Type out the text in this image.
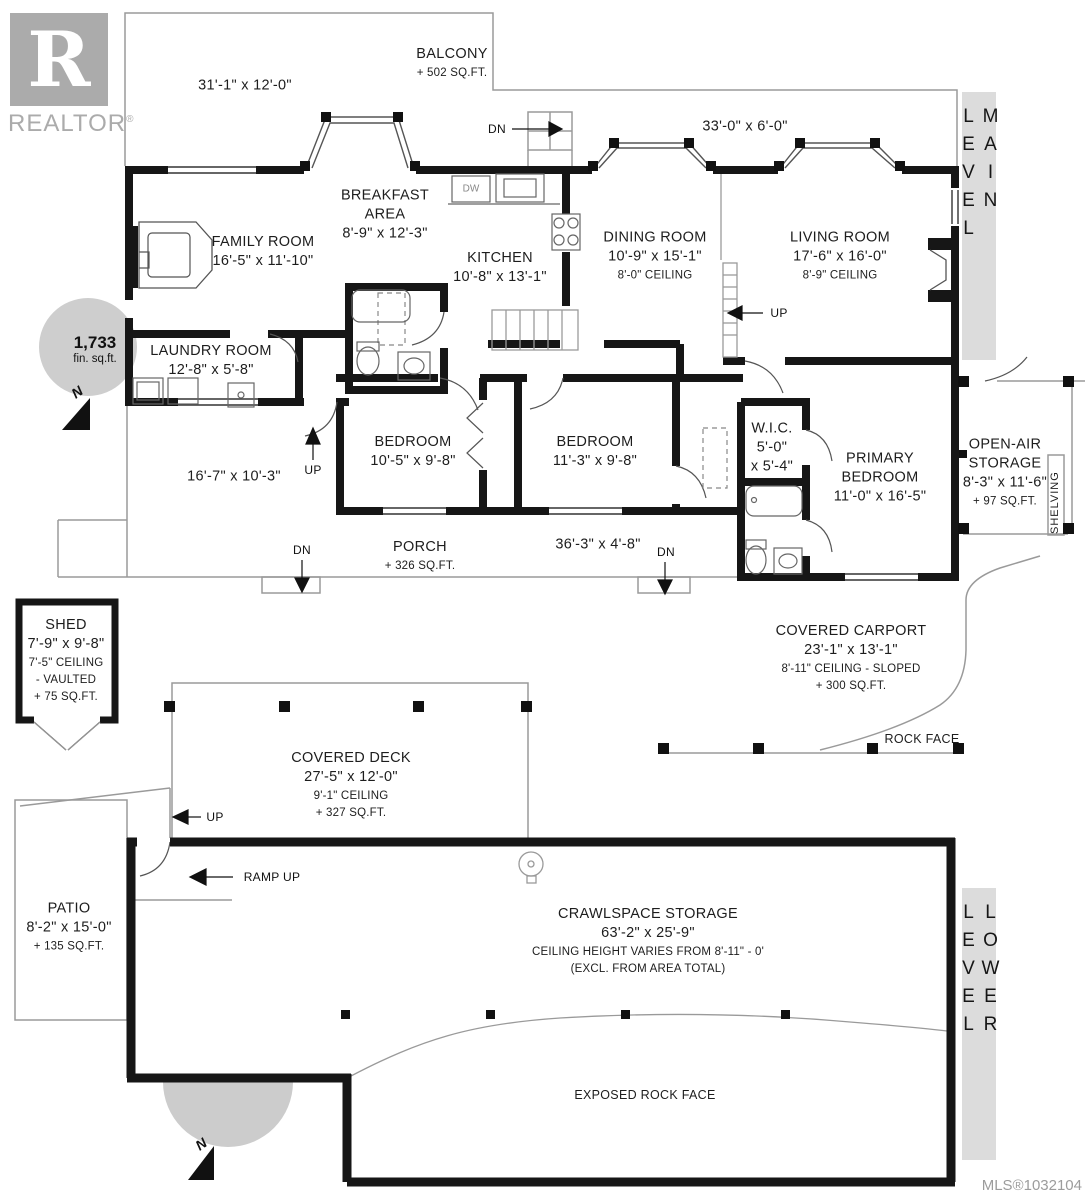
R
REALTOR®	MAIN LEVEL
LOWER LEVEL
1,733
fin. sq.ft.
N
N
BALCONY
+ 502 SQ.FT.
31'-1" x 12'-0"
33'-0" x 6'-0"
FAMILY ROOM
16'-5" x 11'-10"
BREAKFAST
AREA
8'-9" x 12'-3"
KITCHEN
10'-8" x 13'-1"
DINING ROOM
10'-9" x 15'-1"
8'-0" CEILING
LIVING ROOM
17'-6" x 16'-0"
8'-9" CEILING
LAUNDRY ROOM
12'-8" x 5'-8"
16'-7" x 10'-3"
BEDROOM
10'-5" x 9'-8"
BEDROOM
11'-3" x 9'-8"
W.I.C.
5'-0"
x 5'-4"	PRIMARY
BEDROOM
11'-0" x 16'-5"
OPEN-AIR
STORAGE
8'-3" x 11'-6"
+ 97 SQ.FT.
PORCH
+ 326 SQ.FT.
36'-3" x 4'-8"
COVERED CARPORT
23'-1" x 13'-1"
8'-11" CEILING - SLOPED
+ 300 SQ.FT.
ROCK FACE
SHED
7'-9" x 9'-8"
7'-5" CEILING
- VAULTED
+ 75 SQ.FT.
COVERED DECK
27'-5" x 12'-0"
9'-1" CEILING
+ 327 SQ.FT.
PATIO
8'-2" x 15'-0"
+ 135 SQ.FT.
CRAWLSPACE STORAGE
63'-2" x 25'-9"
CEILING HEIGHT VARIES FROM 8'-11" - 0'
(EXCL. FROM AREA TOTAL)
EXPOSED ROCK FACE
DN
UP
UP
DN	DN
UP
RAMP UP
DW
SHELVING
MLS®1032104
